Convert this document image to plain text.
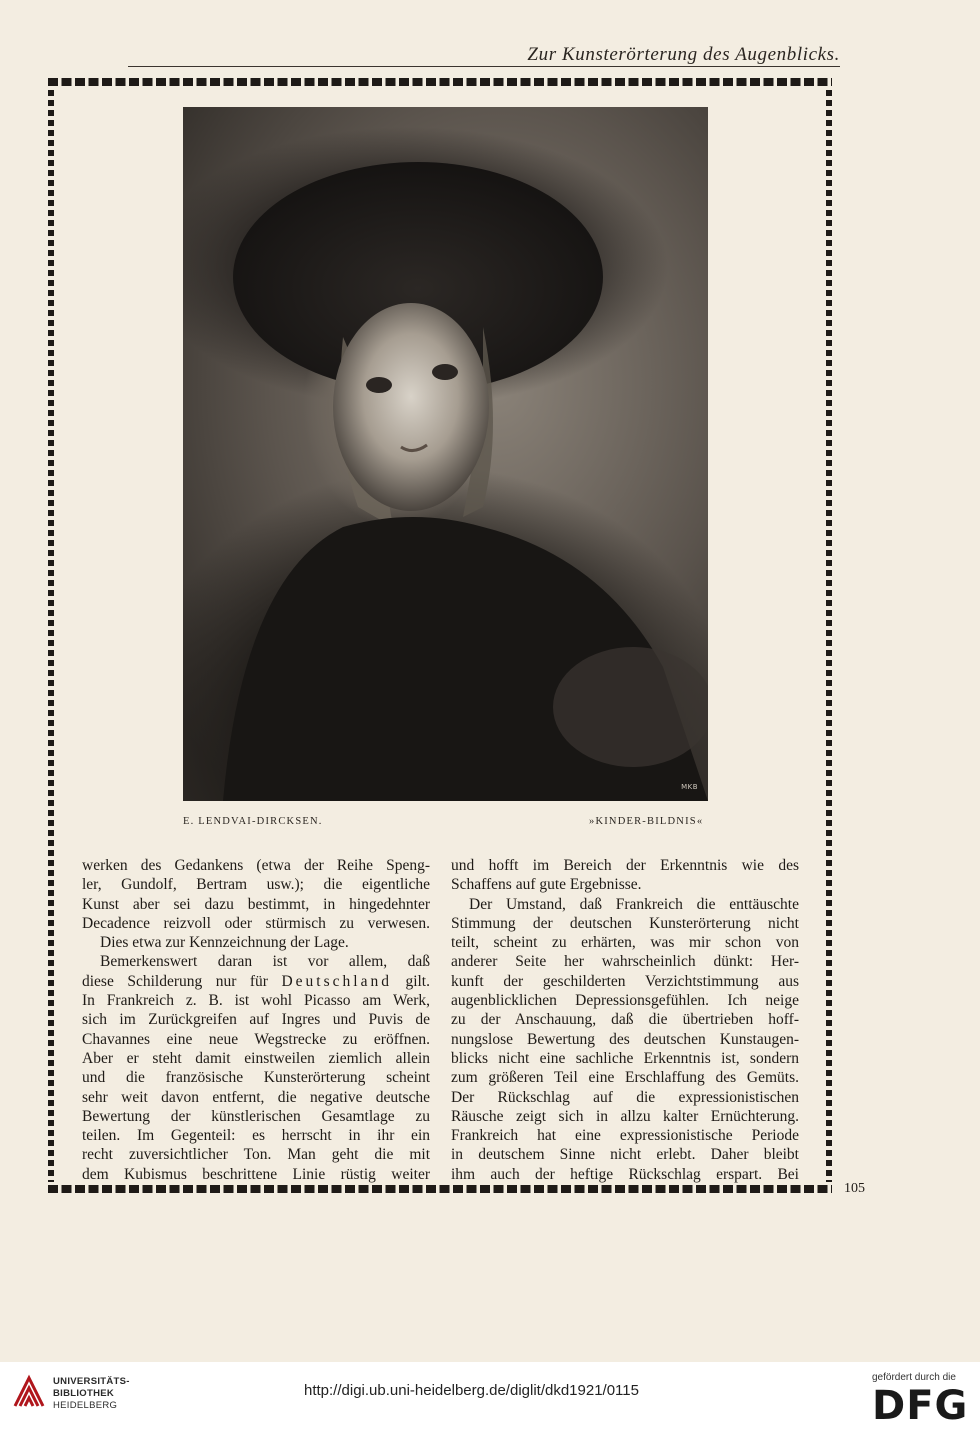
Zur Kunsterörterung des Augenblicks.
MKB
E. LENDVAI-DIRCKSEN.	»KINDER-BILDNIS«
werken des Gedankens (etwa der Reihe Speng-
ler, Gundolf, Bertram usw.); die eigentliche
Kunst aber sei dazu bestimmt, in hingedehnter
Decadence reizvoll oder stürmisch zu verwesen.
Dies etwa zur Kennzeichnung der Lage.
Bemerkenswert daran ist vor allem, daß
diese Schilderung nur für Deutschland gilt.
In Frankreich z. B. ist wohl Picasso am Werk,
sich im Zurückgreifen auf Ingres und Puvis de
Chavannes eine neue Wegstrecke zu eröffnen.
Aber er steht damit einstweilen ziemlich allein
und die französische Kunsterörterung scheint
sehr weit davon entfernt, die negative deutsche
Bewertung der künstlerischen Gesamtlage zu
teilen. Im Gegenteil: es herrscht in ihr ein
recht zuversichtlicher Ton. Man geht die mit
dem Kubismus beschrittene Linie rüstig weiter
und hofft im Bereich der Erkenntnis wie des
Schaffens auf gute Ergebnisse.
Der Umstand, daß Frankreich die enttäuschte
Stimmung der deutschen Kunsterörterung nicht
teilt, scheint zu erhärten, was mir schon von
anderer Seite her wahrscheinlich dünkt: Her-
kunft der geschilderten Verzichtstimmung aus
augenblicklichen Depressionsgefühlen. Ich neige
zu der Anschauung, daß die übertrieben hoff-
nungslose Bewertung des deutschen Kunstaugen-
blicks nicht eine sachliche Erkenntnis ist, sondern
zum größeren Teil eine Erschlaffung des Gemüts.
Der Rückschlag auf die expressionistischen
Räusche zeigt sich in allzu kalter Ernüchterung.
Frankreich hat eine expressionistische Periode
in deutschem Sinne nicht erlebt. Daher bleibt
ihm auch der heftige Rückschlag erspart. Bei
105
UNIVERSITÄTS-
BIBLIOTHEK
HEIDELBERG
http://digi.ub.uni-heidelberg.de/diglit/dkd1921/0115
gefördert durch die
DFG
